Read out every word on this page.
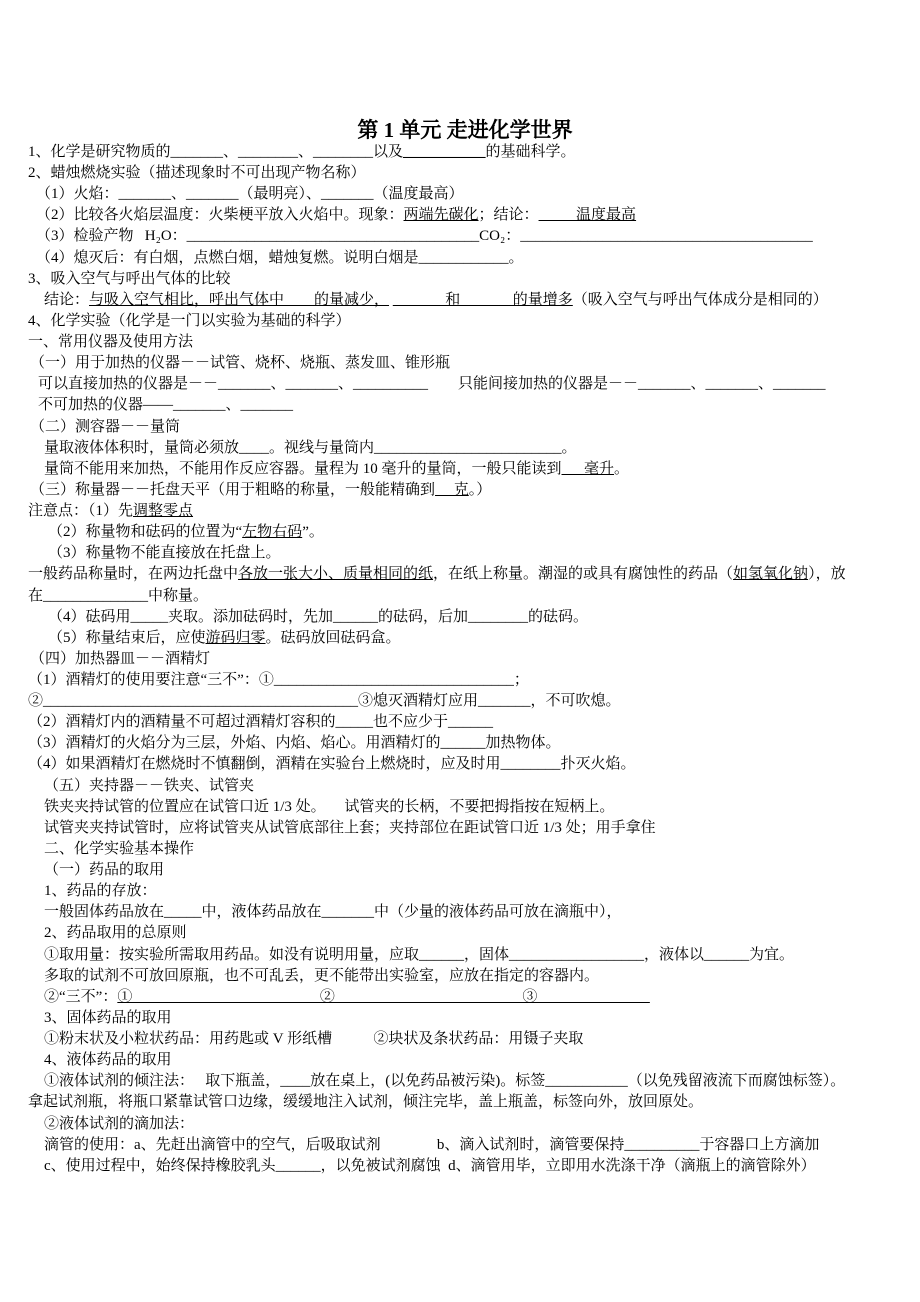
第 1 单元 走进化学世界
1、化学是研究物质的_______、________、________以及___________的基础科学。
2、蜡烛燃烧实验（描述现象时不可出现产物名称）
（1）火焰：_______、_______（最明亮）、_______（温度最高）
（2）比较各火焰层温度：火柴梗平放入火焰中。现象：两端先碳化；结论：          温度最高
（3）检验产物   H₂O：_______________________________________CO₂：_______________________________________
（4）熄灭后：有白烟，点燃白烟，蜡烛复燃。说明白烟是____________。
3、吸入空气与呼出气体的比较
结论：与吸入空气相比，呼出气体中        的量减少，               和              的量增多（吸入空气与呼出气体成分是相同的）
4、化学实验（化学是一门以实验为基础的科学）
一、常用仪器及使用方法
（一）用于加热的仪器－－试管、烧杯、烧瓶、蒸发皿、锥形瓶
可以直接加热的仪器是－－_______、_______、__________        只能间接加热的仪器是－－_______、_______、_______
不可加热的仪器——_______、_______
（二）测容器－－量筒
量取液体体积时，量筒必须放____。视线与量筒内_________________________。
量筒不能用来加热，不能用作反应容器。量程为 10 毫升的量筒，一般只能读到      毫升。
（三）称量器－－托盘天平（用于粗略的称量，一般能精确到     克。）
注意点：（1）先调整零点
（2）称量物和砝码的位置为“左物右码”。
（3）称量物不能直接放在托盘上。
一般药品称量时，在两边托盘中各放一张大小、质量相同的纸，在纸上称量。潮湿的或具有腐蚀性的药品（如氢氧化钠），放
在______________中称量。
（4）砝码用_____夹取。添加砝码时，先加______的砝码，后加________的砝码。
（5）称量结束后，应使游码归零。砝码放回砝码盒。
（四）加热器皿－－酒精灯
（1）酒精灯的使用要注意“三不”：①________________________________；
②__________________________________________③熄灭酒精灯应用_______，不可吹熄。
（2）酒精灯内的酒精量不可超过酒精灯容积的_____也不应少于______
（3）酒精灯的火焰分为三层，外焰、内焰、焰心。用酒精灯的______加热物体。
（4）如果酒精灯在燃烧时不慎翻倒，酒精在实验台上燃烧时，应及时用________扑灭火焰。
（五）夹持器－－铁夹、试管夹
铁夹夹持试管的位置应在试管口近 1/3 处。     试管夹的长柄，不要把拇指按在短柄上。
试管夹夹持试管时，应将试管夹从试管底部往上套；夹持部位在距试管口近 1/3 处；用手拿住
二、化学实验基本操作
（一）药品的取用
1、药品的存放：
一般固体药品放在_____中，液体药品放在_______中（少量的液体药品可放在滴瓶中），
2、药品取用的总原则
①取用量：按实验所需取用药品。如没有说明用量，应取______，固体__________________，液体以______为宜。
多取的试剂不可放回原瓶，也不可乱丢，更不能带出实验室，应放在指定的容器内。
②“三不”：①                                                  ②                                                  ③
3、固体药品的取用
①粉末状及小粒状药品：用药匙或 V 形纸槽           ②块状及条状药品：用镊子夹取
4、液体药品的取用
①液体试剂的倾注法：   取下瓶盖，____放在桌上，(以免药品被污染)。标签___________（以免残留液流下而腐蚀标签）。
拿起试剂瓶，将瓶口紧靠试管口边缘，缓缓地注入试剂，倾注完毕，盖上瓶盖，标签向外，放回原处。
②液体试剂的滴加法：
滴管的使用：a、先赶出滴管中的空气，后吸取试剂               b、滴入试剂时，滴管要保持__________于容器口上方滴加
c、使用过程中，始终保持橡胶乳头______，以免被试剂腐蚀  d、滴管用毕，立即用水洗涤干净（滴瓶上的滴管除外）
